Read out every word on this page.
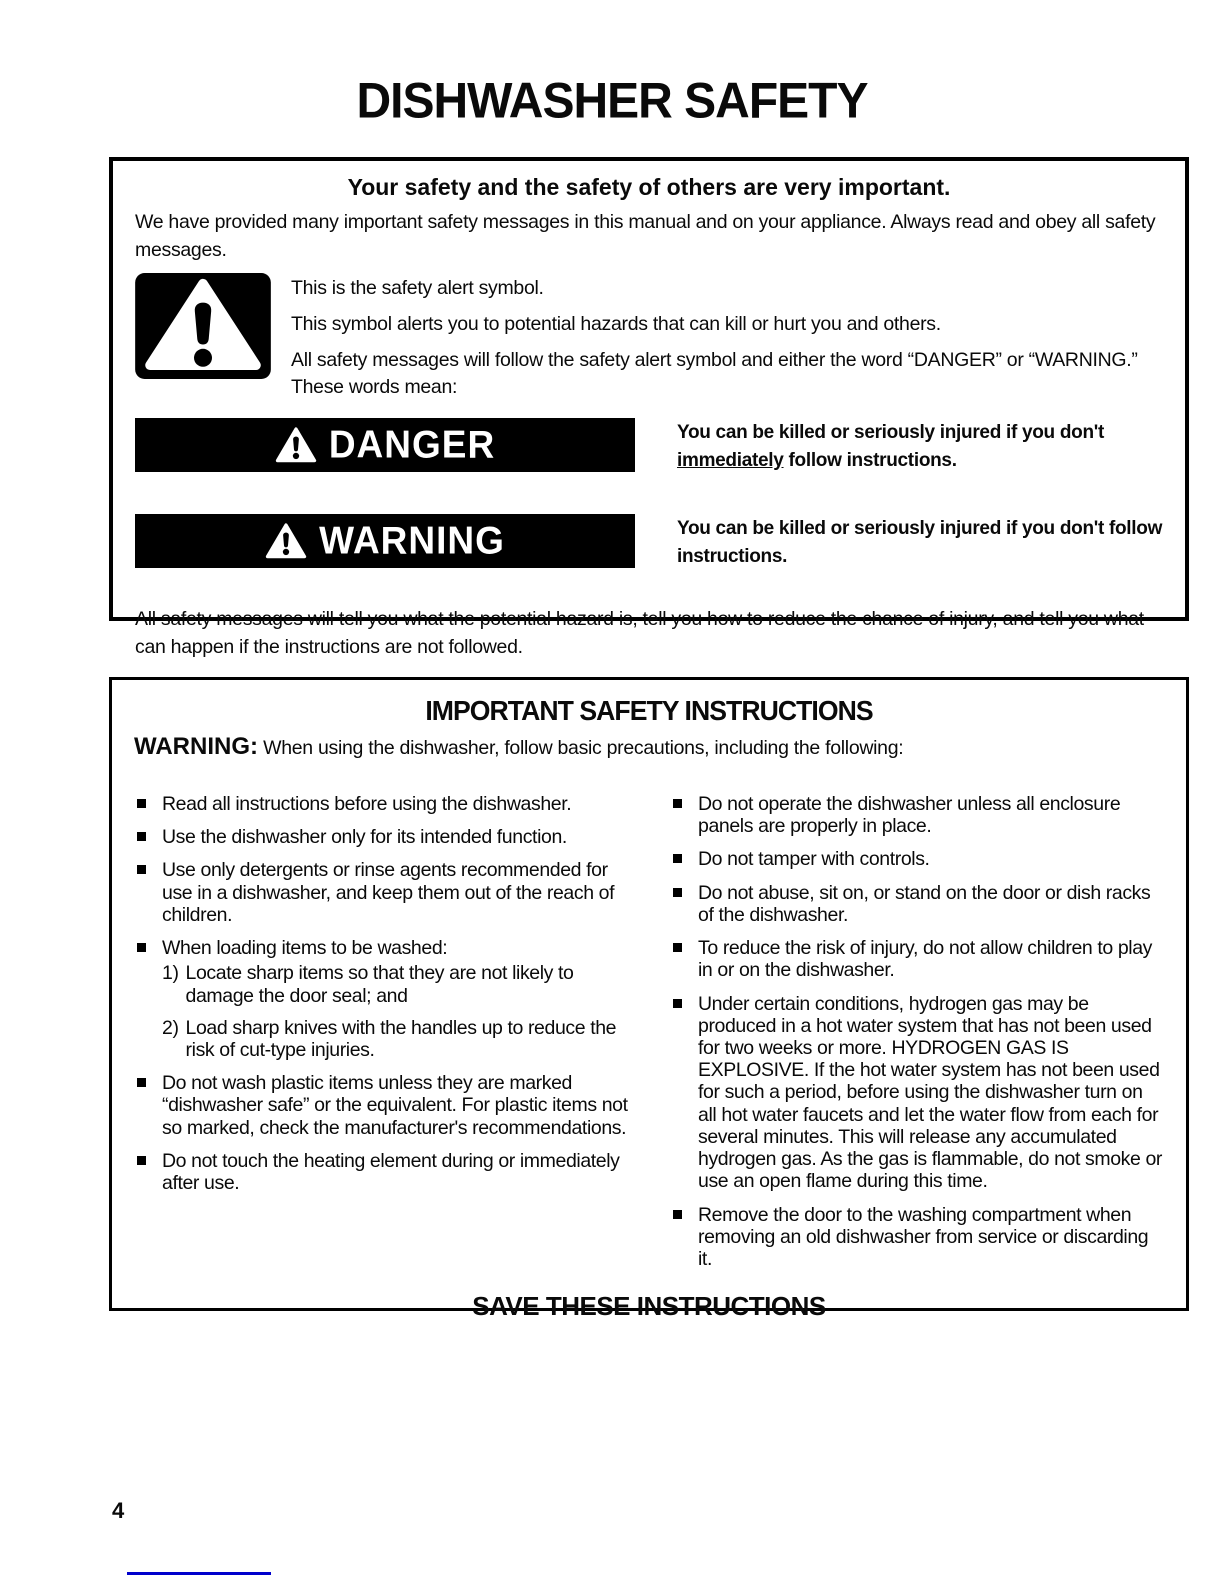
DISHWASHER SAFETY
Your safety and the safety of others are very important.

We have provided many important safety messages in this manual and on your appliance. Always read and obey all safety messages.

This is the safety alert symbol.

This symbol alerts you to potential hazards that can kill or hurt you and others.

All safety messages will follow the safety alert symbol and either the word “DANGER” or “WARNING.” These words mean:

DANGER	You can be killed or seriously injured if you don't immediately follow instructions.

WARNING	You can be killed or seriously injured if you don't follow instructions.

All safety messages will tell you what the potential hazard is, tell you how to reduce the chance of injury, and tell you what can happen if the instructions are not followed.

IMPORTANT SAFETY INSTRUCTIONS

WARNING: When using the dishwasher, follow basic precautions, including the following:

Read all instructions before using the dishwasher.
Use the dishwasher only for its intended function.
Use only detergents or rinse agents recommended for use in a dishwasher, and keep them out of the reach of children.
When loading items to be washed:
1) Locate sharp items so that they are not likely to damage the door seal; and
2) Load sharp knives with the handles up to reduce the risk of cut-type injuries.
Do not wash plastic items unless they are marked “dishwasher safe” or the equivalent. For plastic items not so marked, check the manufacturer's recommendations.
Do not touch the heating element during or immediately after use.
Do not operate the dishwasher unless all enclosure panels are properly in place.
Do not tamper with controls.
Do not abuse, sit on, or stand on the door or dish racks of the dishwasher.
To reduce the risk of injury, do not allow children to play in or on the dishwasher.
Under certain conditions, hydrogen gas may be produced in a hot water system that has not been used for two weeks or more. HYDROGEN GAS IS EXPLOSIVE. If the hot water system has not been used for such a period, before using the dishwasher turn on all hot water faucets and let the water flow from each for several minutes. This will release any accumulated hydrogen gas. As the gas is flammable, do not smoke or use an open flame during this time.
Remove the door to the washing compartment when removing an old dishwasher from service or discarding it.
SAVE THESE INSTRUCTIONS
4
